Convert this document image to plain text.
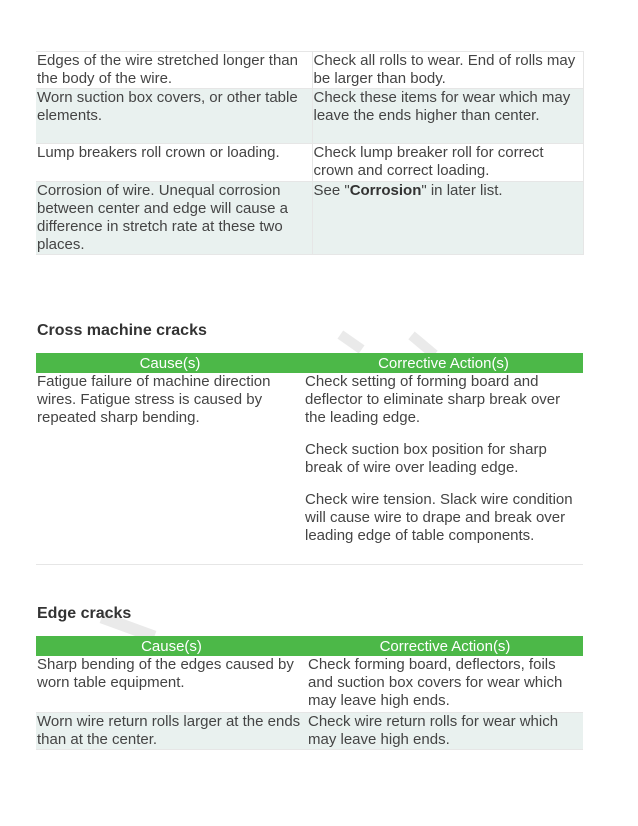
Edges of the wire stretched longer than the body of the wire.	Check all rolls to wear. End of rolls may be larger than body.
Worn suction box covers, or other table elements.	Check these items for wear which may leave the ends higher than center.
Lump breakers roll crown or loading.	Check lump breaker roll for correct crown and correct loading.
Corrosion of wire. Unequal corrosion between center and edge will cause a difference in stretch rate at these two places.	See "Corrosion" in later list.
Cross machine cracks
Cause(s)	Corrective Action(s)
Fatigue failure of machine direction wires. Fatigue stress is caused by repeated sharp bending.	Check setting of forming board and deflector to eliminate sharp break over the leading edge.

Check suction box position for sharp break of wire over leading edge.

Check wire tension. Slack wire condition will cause wire to drape and break over leading edge of table components.

Edge cracks
Cause(s)	Corrective Action(s)
Sharp bending of the edges caused by worn table equipment.	Check forming board, deflectors, foils and suction box covers for wear which may leave high ends.
Worn wire return rolls larger at the ends than at the center.	Check wire return rolls for wear which may leave high ends.
